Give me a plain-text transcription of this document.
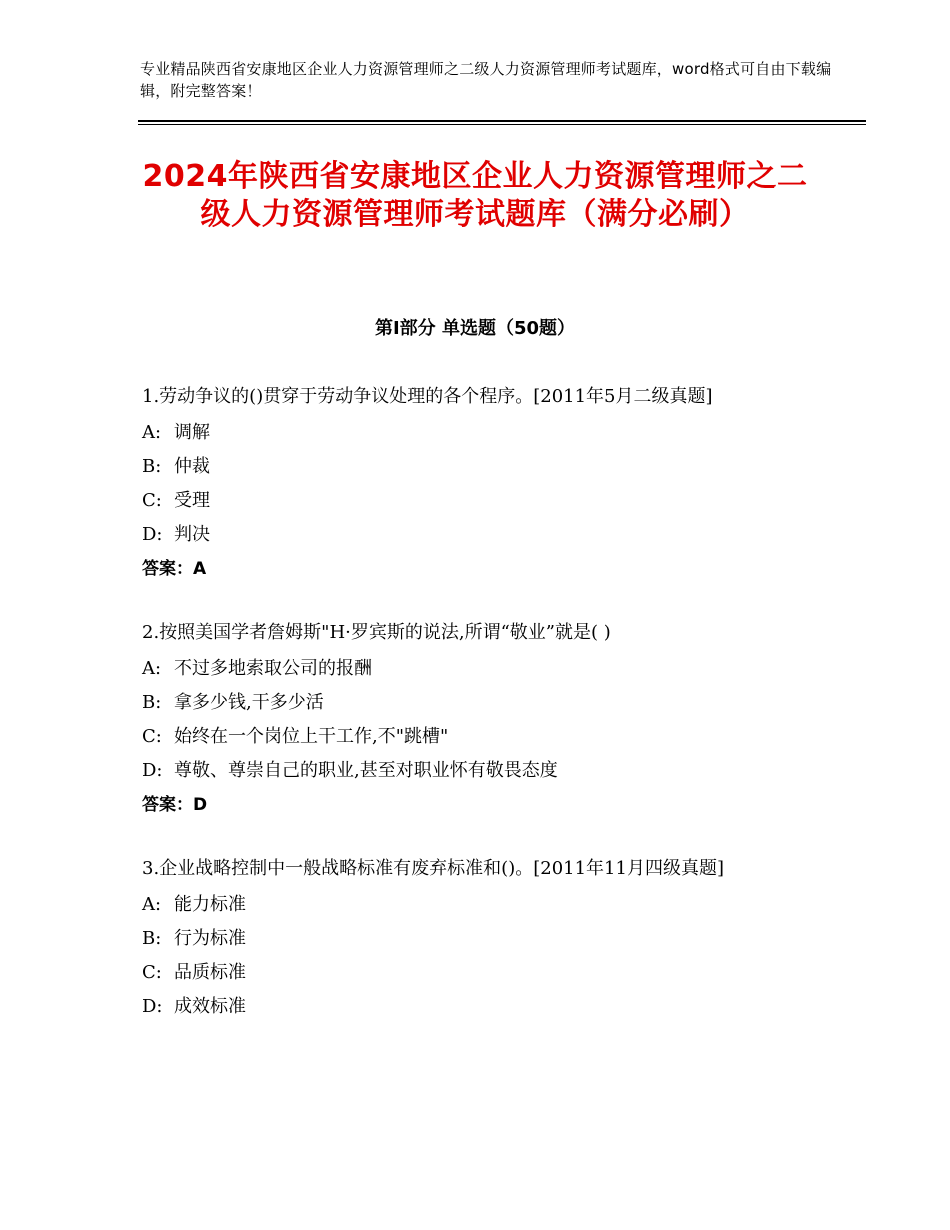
专业精品陕西省安康地区企业人力资源管理师之二级人力资源管理师考试题库，word格式可自由下载编辑，附完整答案！
2024年陕西省安康地区企业人力资源管理师之二级人力资源管理师考试题库（满分必刷）
第Ⅰ部分 单选题（50题）
1.劳动争议的()贯穿于劳动争议处理的各个程序。[2011年5月二级真题]
A: 调解
B: 仲裁
C: 受理
D: 判决
答案：A
2.按照美国学者詹姆斯"H·罗宾斯的说法,所谓“敬业”就是( )
A: 不过多地索取公司的报酬
B: 拿多少钱,干多少活
C: 始终在一个岗位上干工作,不"跳槽"
D: 尊敬、尊崇自己的职业,甚至对职业怀有敬畏态度
答案：D
3.企业战略控制中一般战略标准有废弃标准和()。[2011年11月四级真题]
A: 能力标准
B: 行为标准
C: 品质标准
D: 成效标准
